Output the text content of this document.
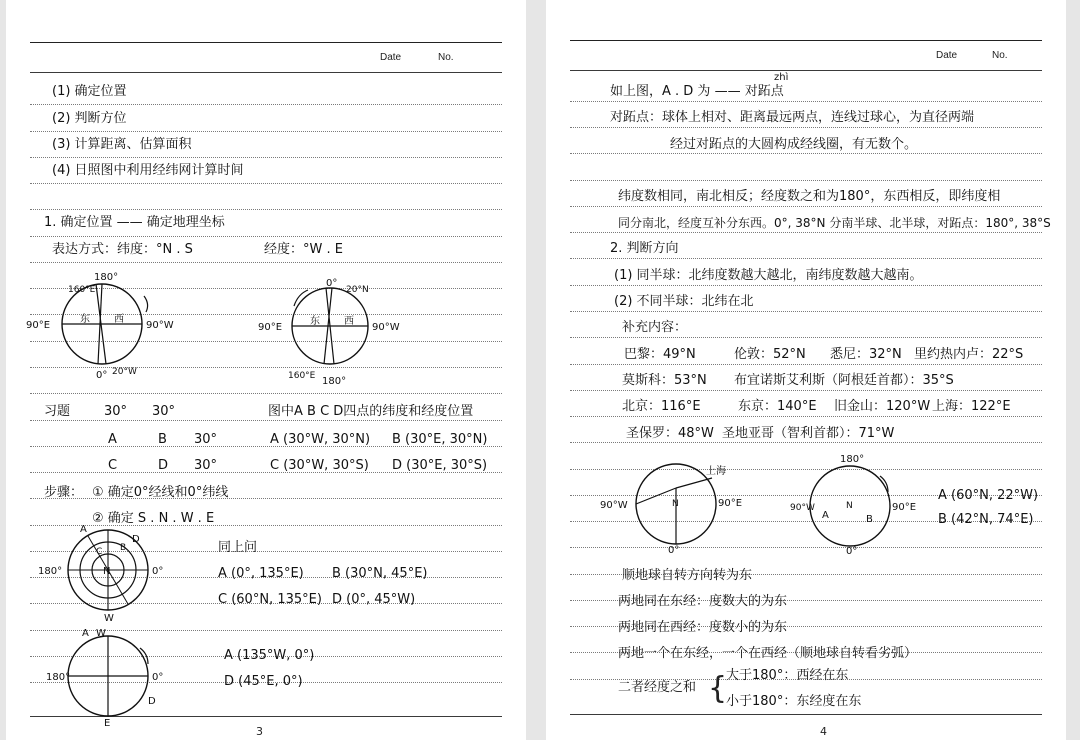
Date	No.
(1) 确定位置
(2) 判断方位
(3) 计算距离、估算面积
(4) 日照图中利用经纬网计算时间
1. 确定位置 —— 确定地理坐标
表达方式：纬度：°N . S	经度：°W . E
180°
160°E
90°E	90°W
东 西
0° 20°W
0°
20°N
90°E	90°W
东 西
180°
160°E
习题	30° 30°	图中A B C D四点的纬度和经度位置
A	B 30°	A (30°W, 30°N) B (30°E, 30°N)
C	D 30°	C (30°W, 30°S) D (30°E, 30°S)
步骤： ① 确定0°经线和0°纬线
② 确定 S . N . W . E
A
D
C B
N
180°	0°
W
同上问
A (0°, 135°E) B (30°N, 45°E)
C (60°N, 135°E) D (0°, 45°W)
A W
180°	0°
D
E
A (135°W, 0°)
D (45°E, 0°)
3
Date	No.
zhì
如上图，A . D 为 —— 对跖点
对跖点：球体上相对、距离最远两点，连线过球心，为直径两端
经过对跖点的大圆构成经线圈，有无数个。
纬度数相同，南北相反；经度数之和为180°，东西相反，即纬度相
同分南北，经度互补分东西。0°, 38°N 分南半球、北半球，对跖点：180°, 38°S
2. 判断方向
(1) 同半球：北纬度数越大越北，南纬度数越大越南。
(2) 不同半球：北纬在北
补充内容：
巴黎：49°N	伦敦：52°N 悉尼：32°N 里约热内卢：22°S
莫斯科：53°N 布宜诺斯艾利斯（阿根廷首都）：35°S
北京：116°E	东京：140°E 旧金山：120°W 上海：122°E
圣保罗：48°W 圣地亚哥（智利首都）：71°W
上海
90°W	90°E
N
0°
180°
90°W	90°E
A
N
B
0°
A (60°N, 22°W)
B (42°N, 74°E)
顺地球自转方向转为东
两地同在东经：度数大的为东
两地同在西经：度数小的为东
两地一个在东经，一个在西经（顺地球自转看劣弧）
二者经度之和 {
大于180°：西经在东
小于180°：东经度在东
4
